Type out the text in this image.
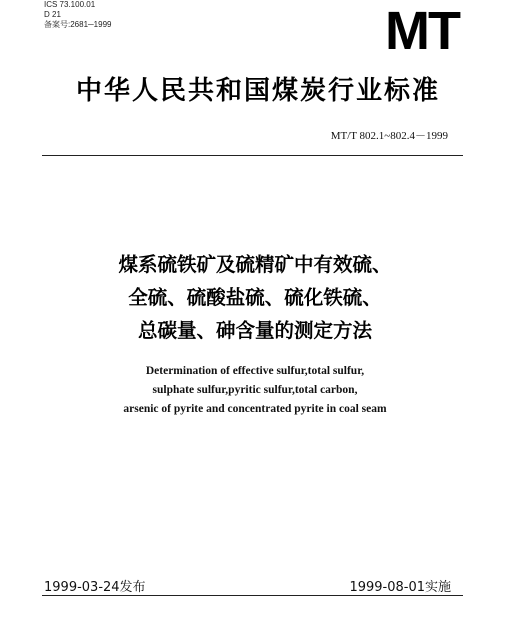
ICS 73.100.01
D 21
备案号:2681─1999	MT
中华人民共和国煤炭行业标准
MT/T 802.1~802.4－1999
煤系硫铁矿及硫精矿中有效硫、
全硫、硫酸盐硫、硫化铁硫、
总碳量、砷含量的测定方法
Determination of effective sulfur,total sulfur,
sulphate sulfur,pyritic sulfur,total carbon,
arsenic of pyrite and concentrated pyrite in coal seam
1999-03-24发布	1999-08-01实施
